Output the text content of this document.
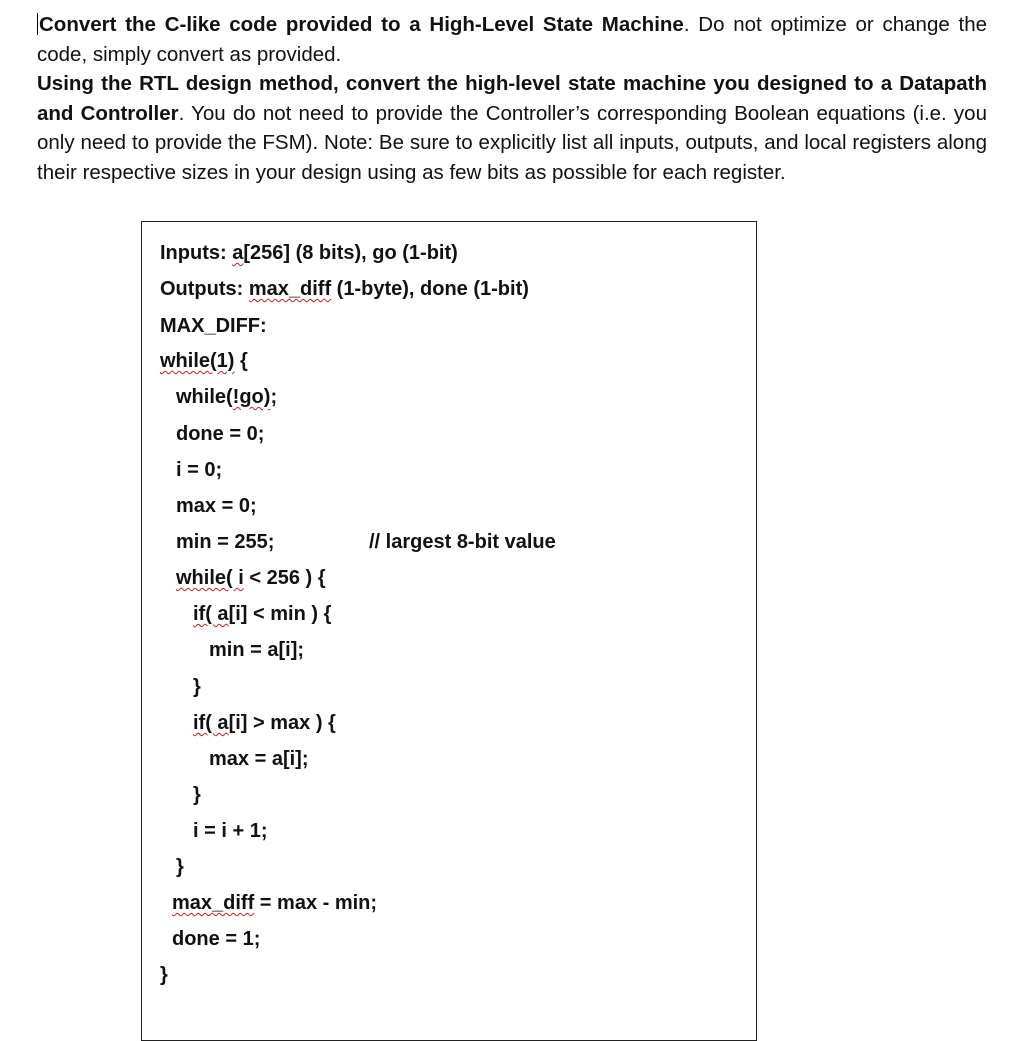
Convert the C-like code provided to a High-Level State Machine. Do not optimize or change the code, simply convert as provided.

Using the RTL design method, convert the high-level state machine you designed to a Datapath and Controller. You do not need to provide the Controller’s corresponding Boolean equations (i.e. you only need to provide the FSM). Note: Be sure to explicitly list all inputs, outputs, and local registers along their respective sizes in your design using as few bits as possible for each register.

Inputs: a[256] (8 bits), go (1-bit)
Outputs: max_diff (1-byte), done (1-bit)
MAX_DIFF:
while(1) {
while(!go);
done = 0;
i = 0;
max = 0;
min = 255;	// largest 8-bit value
while( i < 256 ) {
if( a[i] < min ) {
min = a[i];
}
if( a[i] > max ) {
max = a[i];
}
i = i + 1;
}
max_diff = max - min;
done = 1;
}
